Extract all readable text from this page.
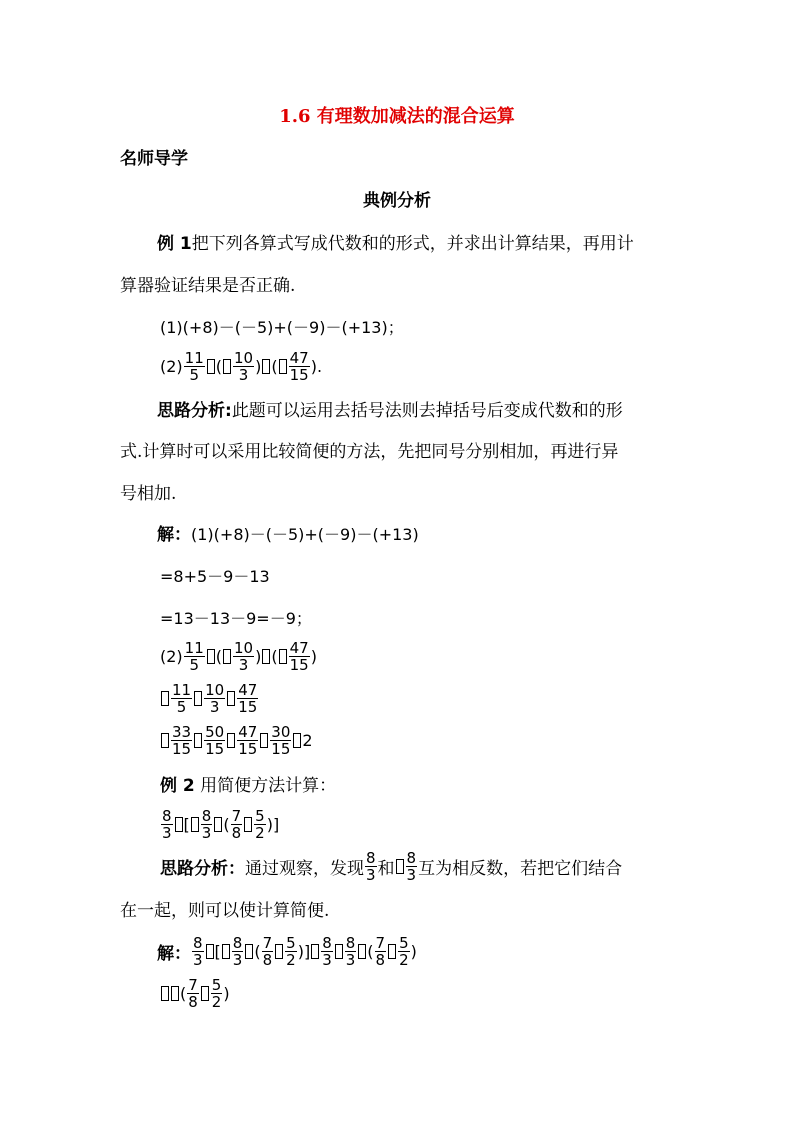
1.6 有理数加减法的混合运算
名师导学
典例分析
例 1把下列各算式写成代数和的形式，并求出计算结果，再用计
算器验证结果是否正确.
(1)(+8)－(－5)+(－9)－(+13)；
$(2) \frac{11}{5}$ ( $\frac{10}{3}$ ) ( $\frac{47}{15}$ ) .
思路分析:此题可以运用去括号法则去掉括号后变成代数和的形
式.计算时可以采用比较简便的方法，先把同号分别相加，再进行异
号相加.
解：(1)(+8)－(－5)+(－9)－(+13)
=8+5－9－13
=13－13－9=－9；
$(2) \frac{11}{5}$ ( $\frac{10}{3}$ ) ( $\frac{47}{15}$ )
$\frac{11}{5} \frac{10}{3} \frac{47}{15}$
$\frac{33}{15} \frac{50}{15} \frac{47}{15} \frac{30}{15} 2$
例 2 用简便方法计算：
$\frac{8}{3}$ [ $\frac{8}{3}$ ( $\frac{7}{8} \frac{5}{2}$ ) ]
思路分析： 通过观察，发现 $\frac{8}{3}$ 和 $\frac{8}{3}$ 互为相反数，若把它们结合
在一起，则可以使计算简便.
解： $\frac{8}{3}$ [ $\frac{8}{3}$ ( $\frac{7}{8} \frac{5}{2}$ ) ] $\frac{8}{3} \frac{8}{3}$ ( $\frac{7}{8} \frac{5}{2}$ )
( $\frac{7}{8} \frac{5}{2}$ )
